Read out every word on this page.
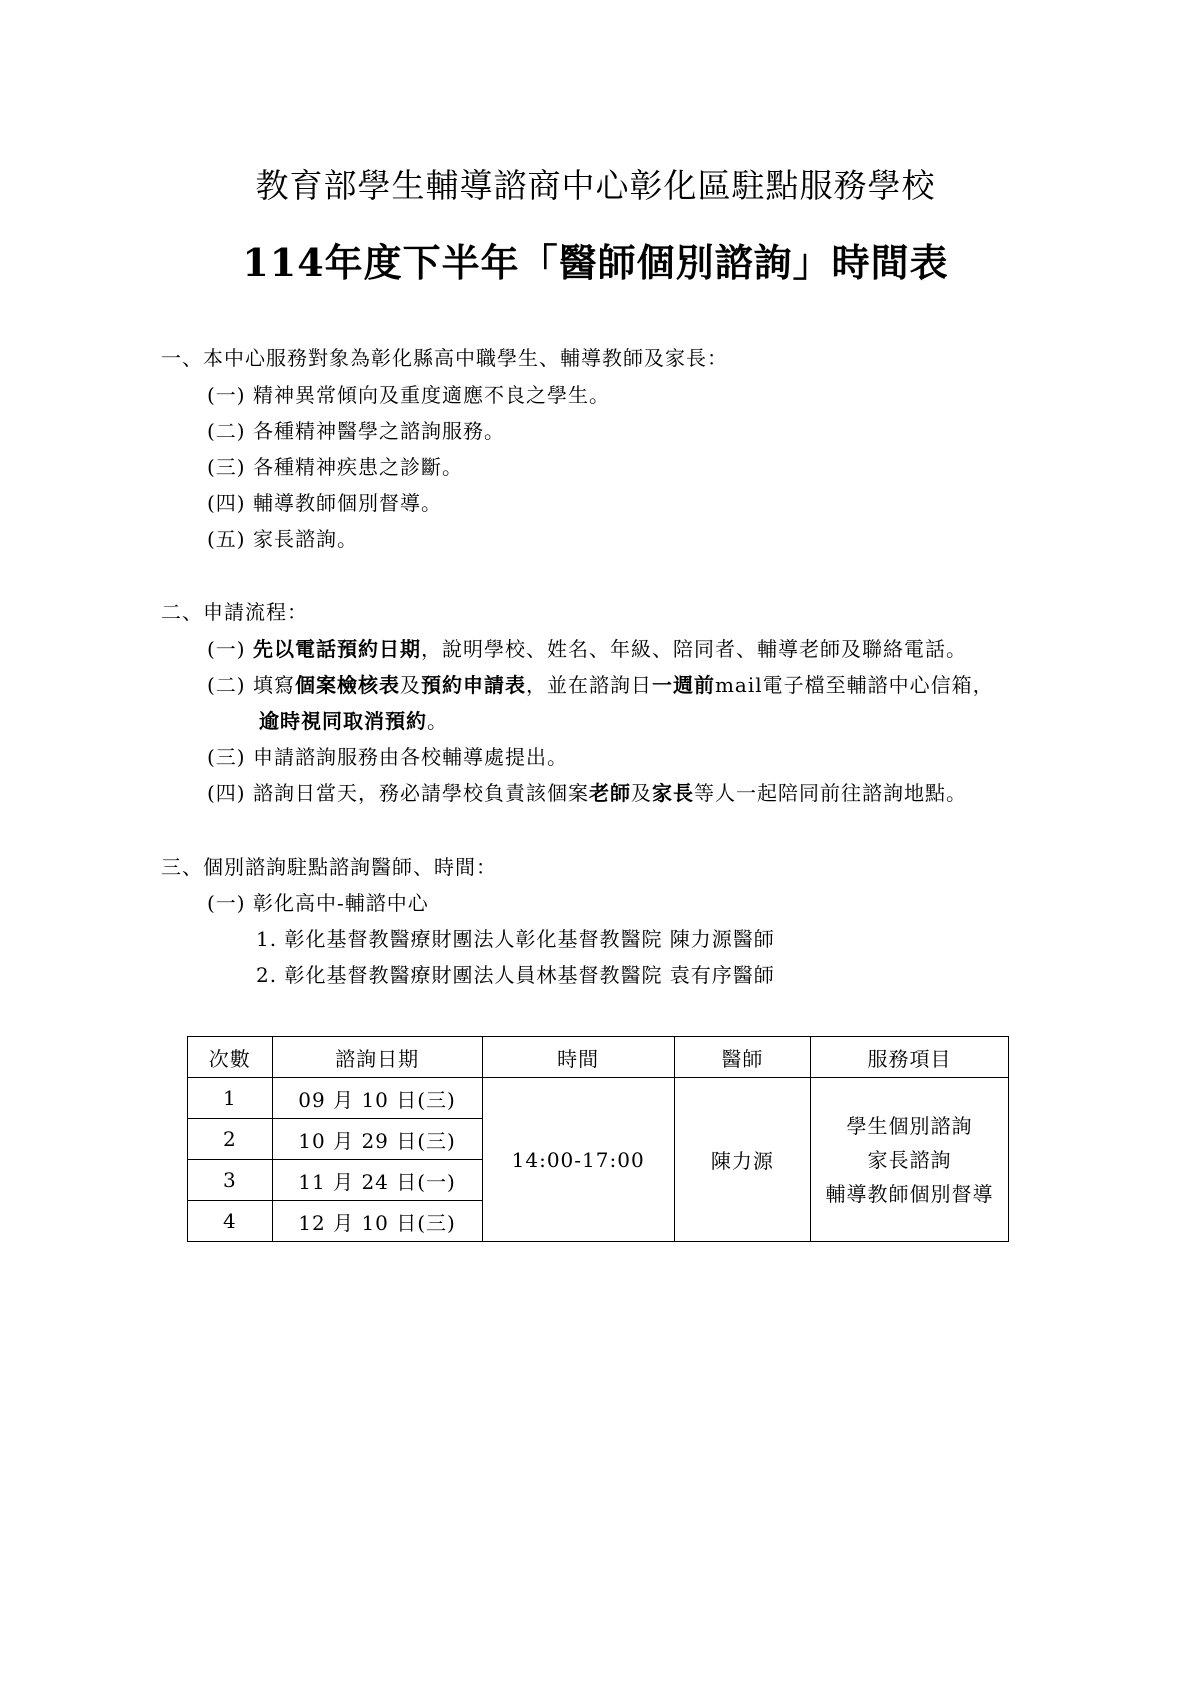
教育部學生輔導諮商中心彰化區駐點服務學校
114年度下半年「醫師個別諮詢」時間表
一、本中心服務對象為彰化縣高中職學生、輔導教師及家長：
(一) 精神異常傾向及重度適應不良之學生。
(二) 各種精神醫學之諮詢服務。
(三) 各種精神疾患之診斷。
(四) 輔導教師個別督導。
(五) 家長諮詢。
二、申請流程：
(一) 先以電話預約日期，說明學校、姓名、年級、陪同者、輔導老師及聯絡電話。
(二) 填寫個案檢核表及預約申請表，並在諮詢日一週前mail電子檔至輔諮中心信箱，
逾時視同取消預約。
(三) 申請諮詢服務由各校輔導處提出。
(四) 諮詢日當天，務必請學校負責該個案老師及家長等人一起陪同前往諮詢地點。
三、個別諮詢駐點諮詢醫師、時間：
(一) 彰化高中-輔諮中心
1. 彰化基督教醫療財團法人彰化基督教醫院 陳力源醫師
2. 彰化基督教醫療財團法人員林基督教醫院 袁有序醫師
次數	諮詢日期	時間	醫師	服務項目
1	09 月 10 日(三)	14:00-17:00	陳力源	學生個別諮詢
家長諮詢
輔導教師個別督導

2	10 月 29 日(三)			
3	11 月 24 日(一)			
4	12 月 10 日(三)			
